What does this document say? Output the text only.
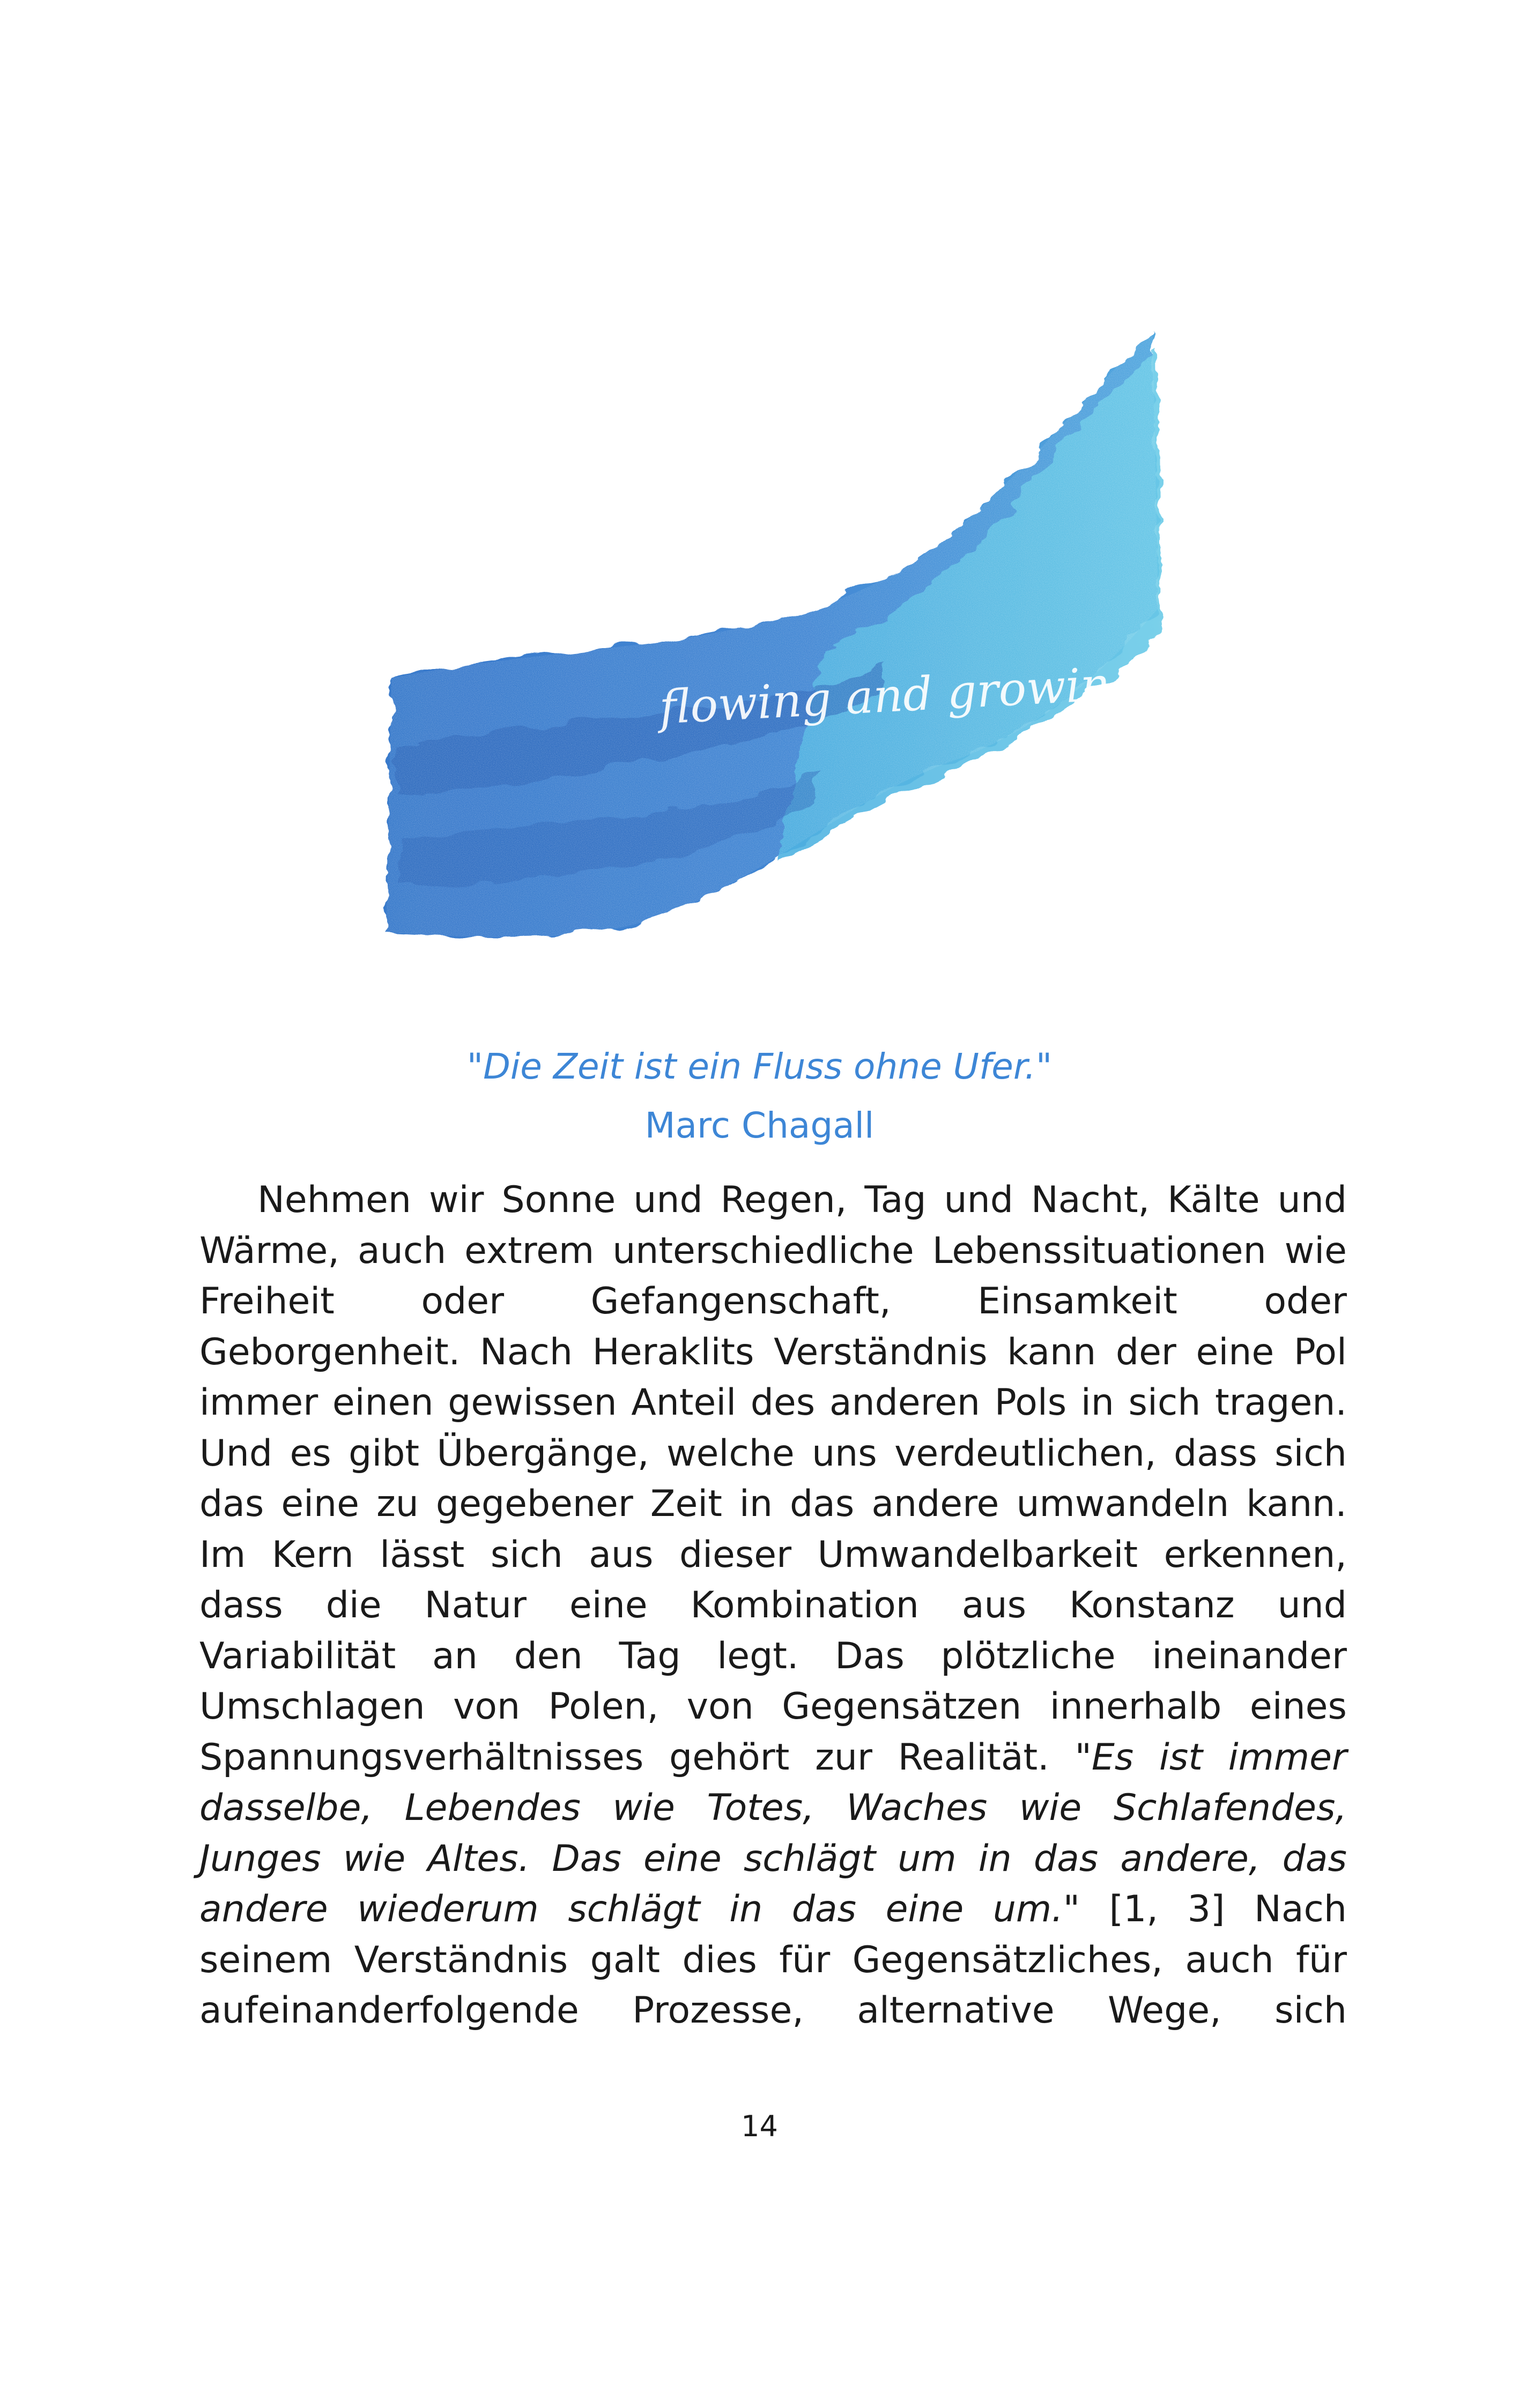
flowing and growing
"Die Zeit ist ein Fluss ohne Ufer."
Marc Chagall
Nehmen wir Sonne und Regen, Tag und Nacht, Kälte und
Wärme, auch extrem unterschiedliche Lebenssituationen wie
Freiheit oder Gefangenschaft, Einsamkeit oder
Geborgenheit. Nach Heraklits Verständnis kann der eine Pol
immer einen gewissen Anteil des anderen Pols in sich tragen.
Und es gibt Übergänge, welche uns verdeutlichen, dass sich
das eine zu gegebener Zeit in das andere umwandeln kann.
Im Kern lässt sich aus dieser Umwandelbarkeit erkennen,
dass die Natur eine Kombination aus Konstanz und
Variabilität an den Tag legt. Das plötzliche ineinander
Umschlagen von Polen, von Gegensätzen innerhalb eines
Spannungsverhältnisses gehört zur Realität. "Es ist immer
dasselbe, Lebendes wie Totes, Waches wie Schlafendes,
Junges wie Altes. Das eine schlägt um in das andere, das
andere wiederum schlägt in das eine um." [1, 3] Nach
seinem Verständnis galt dies für Gegensätzliches, auch für
aufeinanderfolgende Prozesse, alternative Wege, sich
14
